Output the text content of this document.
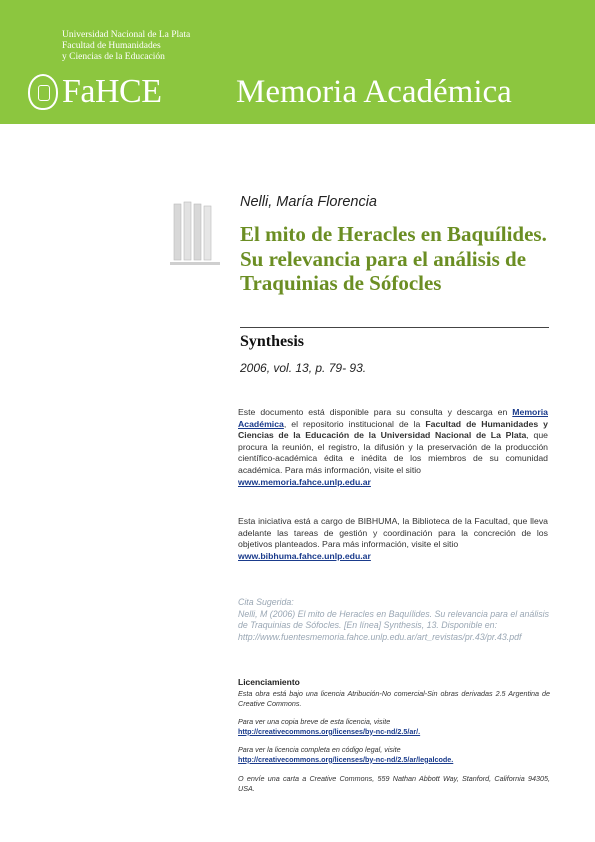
Universidad Nacional de La Plata
Facultad de Humanidades
y Ciencias de la Educación
FaHCE Memoria Académica
Nelli, María Florencia
El mito de Heracles en Baquílides. Su relevancia para el análisis de Traquinias de Sófocles
Synthesis
2006, vol. 13, p. 79- 93.
Este documento está disponible para su consulta y descarga en Memoria Académica, el repositorio institucional de la Facultad de Humanidades y Ciencias de la Educación de la Universidad Nacional de La Plata, que procura la reunión, el registro, la difusión y la preservación de la producción científico-académica édita e inédita de los miembros de su comunidad académica. Para más información, visite el sitio
www.memoria.fahce.unlp.edu.ar
Esta iniciativa está a cargo de BIBHUMA, la Biblioteca de la Facultad, que lleva adelante las tareas de gestión y coordinación para la concreción de los objetivos planteados. Para más información, visite el sitio
www.bibhuma.fahce.unlp.edu.ar
Cita Sugerida:
Nelli, M (2006) El mito de Heracles en Baquílides. Su relevancia para el análisis de Traquinias de Sófocles. [En línea] Synthesis, 13. Disponible en:
http://www.fuentesmemoria.fahce.unlp.edu.ar/art_revistas/pr.43/pr.43.pdf
Licenciamiento
Esta obra está bajo una licencia Atribución-No comercial-Sin obras derivadas 2.5 Argentina de Creative Commons.
Para ver una copia breve de esta licencia, visite
http://creativecommons.org/licenses/by-nc-nd/2.5/ar/.
Para ver la licencia completa en código legal, visite
http://creativecommons.org/licenses/by-nc-nd/2.5/ar/legalcode.
O envíe una carta a Creative Commons, 559 Nathan Abbott Way, Stanford, California 94305, USA.
